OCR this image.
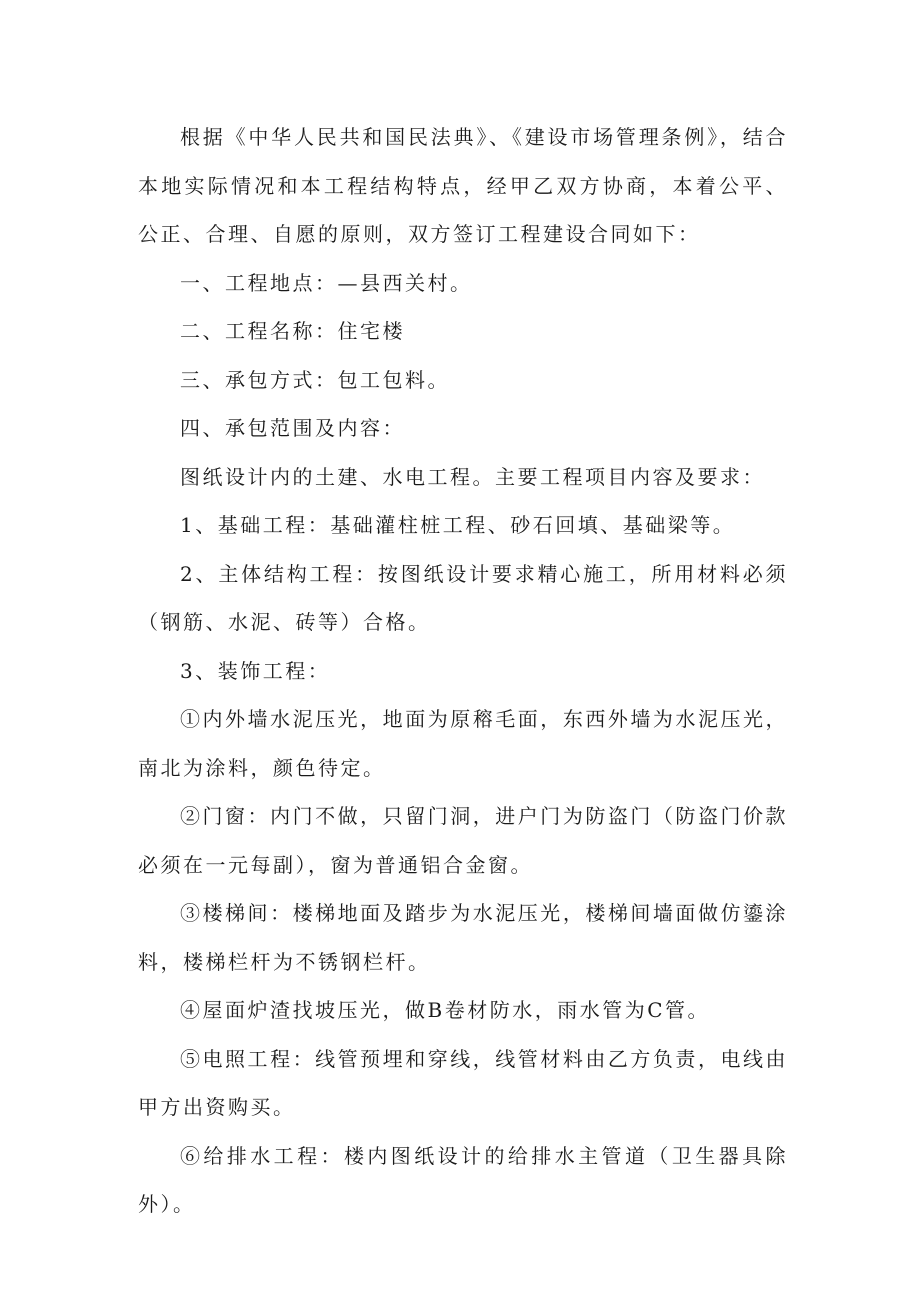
根据《中华人民共和国民法典》、《建设市场管理条例》，结合本地实际情况和本工程结构特点，经甲乙双方协商，本着公平、公正、合理、自愿的原则，双方签订工程建设合同如下：

一、工程地点：—县西关村。

二、工程名称：住宅楼

三、承包方式：包工包料。

四、承包范围及内容：

图纸设计内的土建、水电工程。主要工程项目内容及要求：

1、基础工程：基础灌柱桩工程、砂石回填、基础梁等。

2、主体结构工程：按图纸设计要求精心施工，所用材料必须（钢筋、水泥、砖等）合格。

3、装饰工程：

①内外墙水泥压光，地面为原穃毛面，东西外墙为水泥压光，南北为涂料，颜色待定。

②门窗：内门不做，只留门洞，进户门为防盗门（防盗门价款必须在一元每副），窗为普通铝合金窗。

③楼梯间：楼梯地面及踏步为水泥压光，楼梯间墙面做仿鎏涂料，楼梯栏杆为不锈钢栏杆。

④屋面炉渣找坡压光，做B卷材防水，雨水管为C管。

⑤电照工程：线管预埋和穿线，线管材料由乙方负责，电线由甲方出资购买。

⑥给排水工程：楼内图纸设计的给排水主管道（卫生器具除外）。
